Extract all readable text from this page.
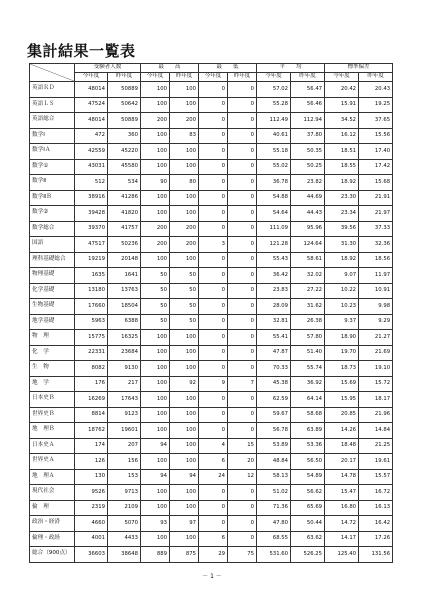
集計結果一覧表
	受験者人数		最　　高		最　　低		平　　均		標準偏差	
	今年度	昨年度	今年度	昨年度	今年度	昨年度	今年度	昨年度	今年度	昨年度
英語ＲＤ	48014	50889	100	100	0	0	57.02	56.47	20.42	20.43
英語ＬＳ	47524	50642	100	100	0	0	55.28	56.46	15.91	19.25
英語総合	48014	50889	200	200	0	0	112.49	112.94	34.52	37.65
数学Ⅰ	472	360	100	83	0	0	40.61	37.80	16.12	15.56
数学ⅠＡ	42559	45220	100	100	0	0	55.18	50.35	18.51	17.40
数学①	43031	45580	100	100	0	0	55.02	50.25	18.55	17.42
数学Ⅱ	512	534	90	80	0	0	36.78	23.82	18.92	15.68
数学ⅡＢ	38916	41286	100	100	0	0	54.88	44.69	23.30	21.91
数学②	39428	41820	100	100	0	0	54.64	44.43	23.34	21.97
数学総合	39370	41757	200	200	0	0	111.09	95.96	39.56	37.33
国語	47517	50236	200	200	3	0	121.28	124.64	31.30	32.36
理科基礎総合	19219	20148	100	100	0	0	55.43	58.61	18.92	18.56
物理基礎	1635	1641	50	50	0	0	36.42	32.02	9.07	11.97
化学基礎	13180	13763	50	50	0	0	23.83	27.22	10.22	10.91
生物基礎	17660	18504	50	50	0	0	28.09	31.62	10.23	9.98
地学基礎	5963	6388	50	50	0	0	32.81	26.38	9.37	9.29
物　理	15775	16325	100	100	0	0	55.41	57.80	18.90	21.27
化　学	22331	23684	100	100	0	0	47.87	51.40	19.70	21.69
生　物	8082	9130	100	100	0	0	70.33	55.74	18.73	19.10
地　学	176	217	100	92	9	7	45.38	36.92	15.69	15.72
日本史Ｂ	16269	17643	100	100	0	0	62.59	64.14	15.95	18.17
世界史Ｂ	8814	9123	100	100	0	0	59.67	58.68	20.85	21.96
地　理Ｂ	18762	19601	100	100	0	0	56.78	63.89	14.26	14.84
日本史Ａ	174	207	94	100	4	15	53.89	53.36	18.48	21.25
世界史Ａ	126	156	100	100	6	20	48.84	56.50	20.17	19.61
地　理Ａ	130	153	94	94	24	12	58.13	54.89	14.78	15.57
現代社会	9526	9713	100	100	0	0	51.02	56.62	15.47	16.72
倫　理	2319	2109	100	100	0	0	71.36	65.69	16.80	16.13
政治・経済	4660	5070	93	97	0	0	47.80	50.44	14.72	16.42
倫理・政経	4001	4433	100	100	6	0	68.55	63.62	14.17	17.26
総合（900点）	36603	38648	889	875	29	75	531.60	526.25	125.40	131.56
－ 1 －
